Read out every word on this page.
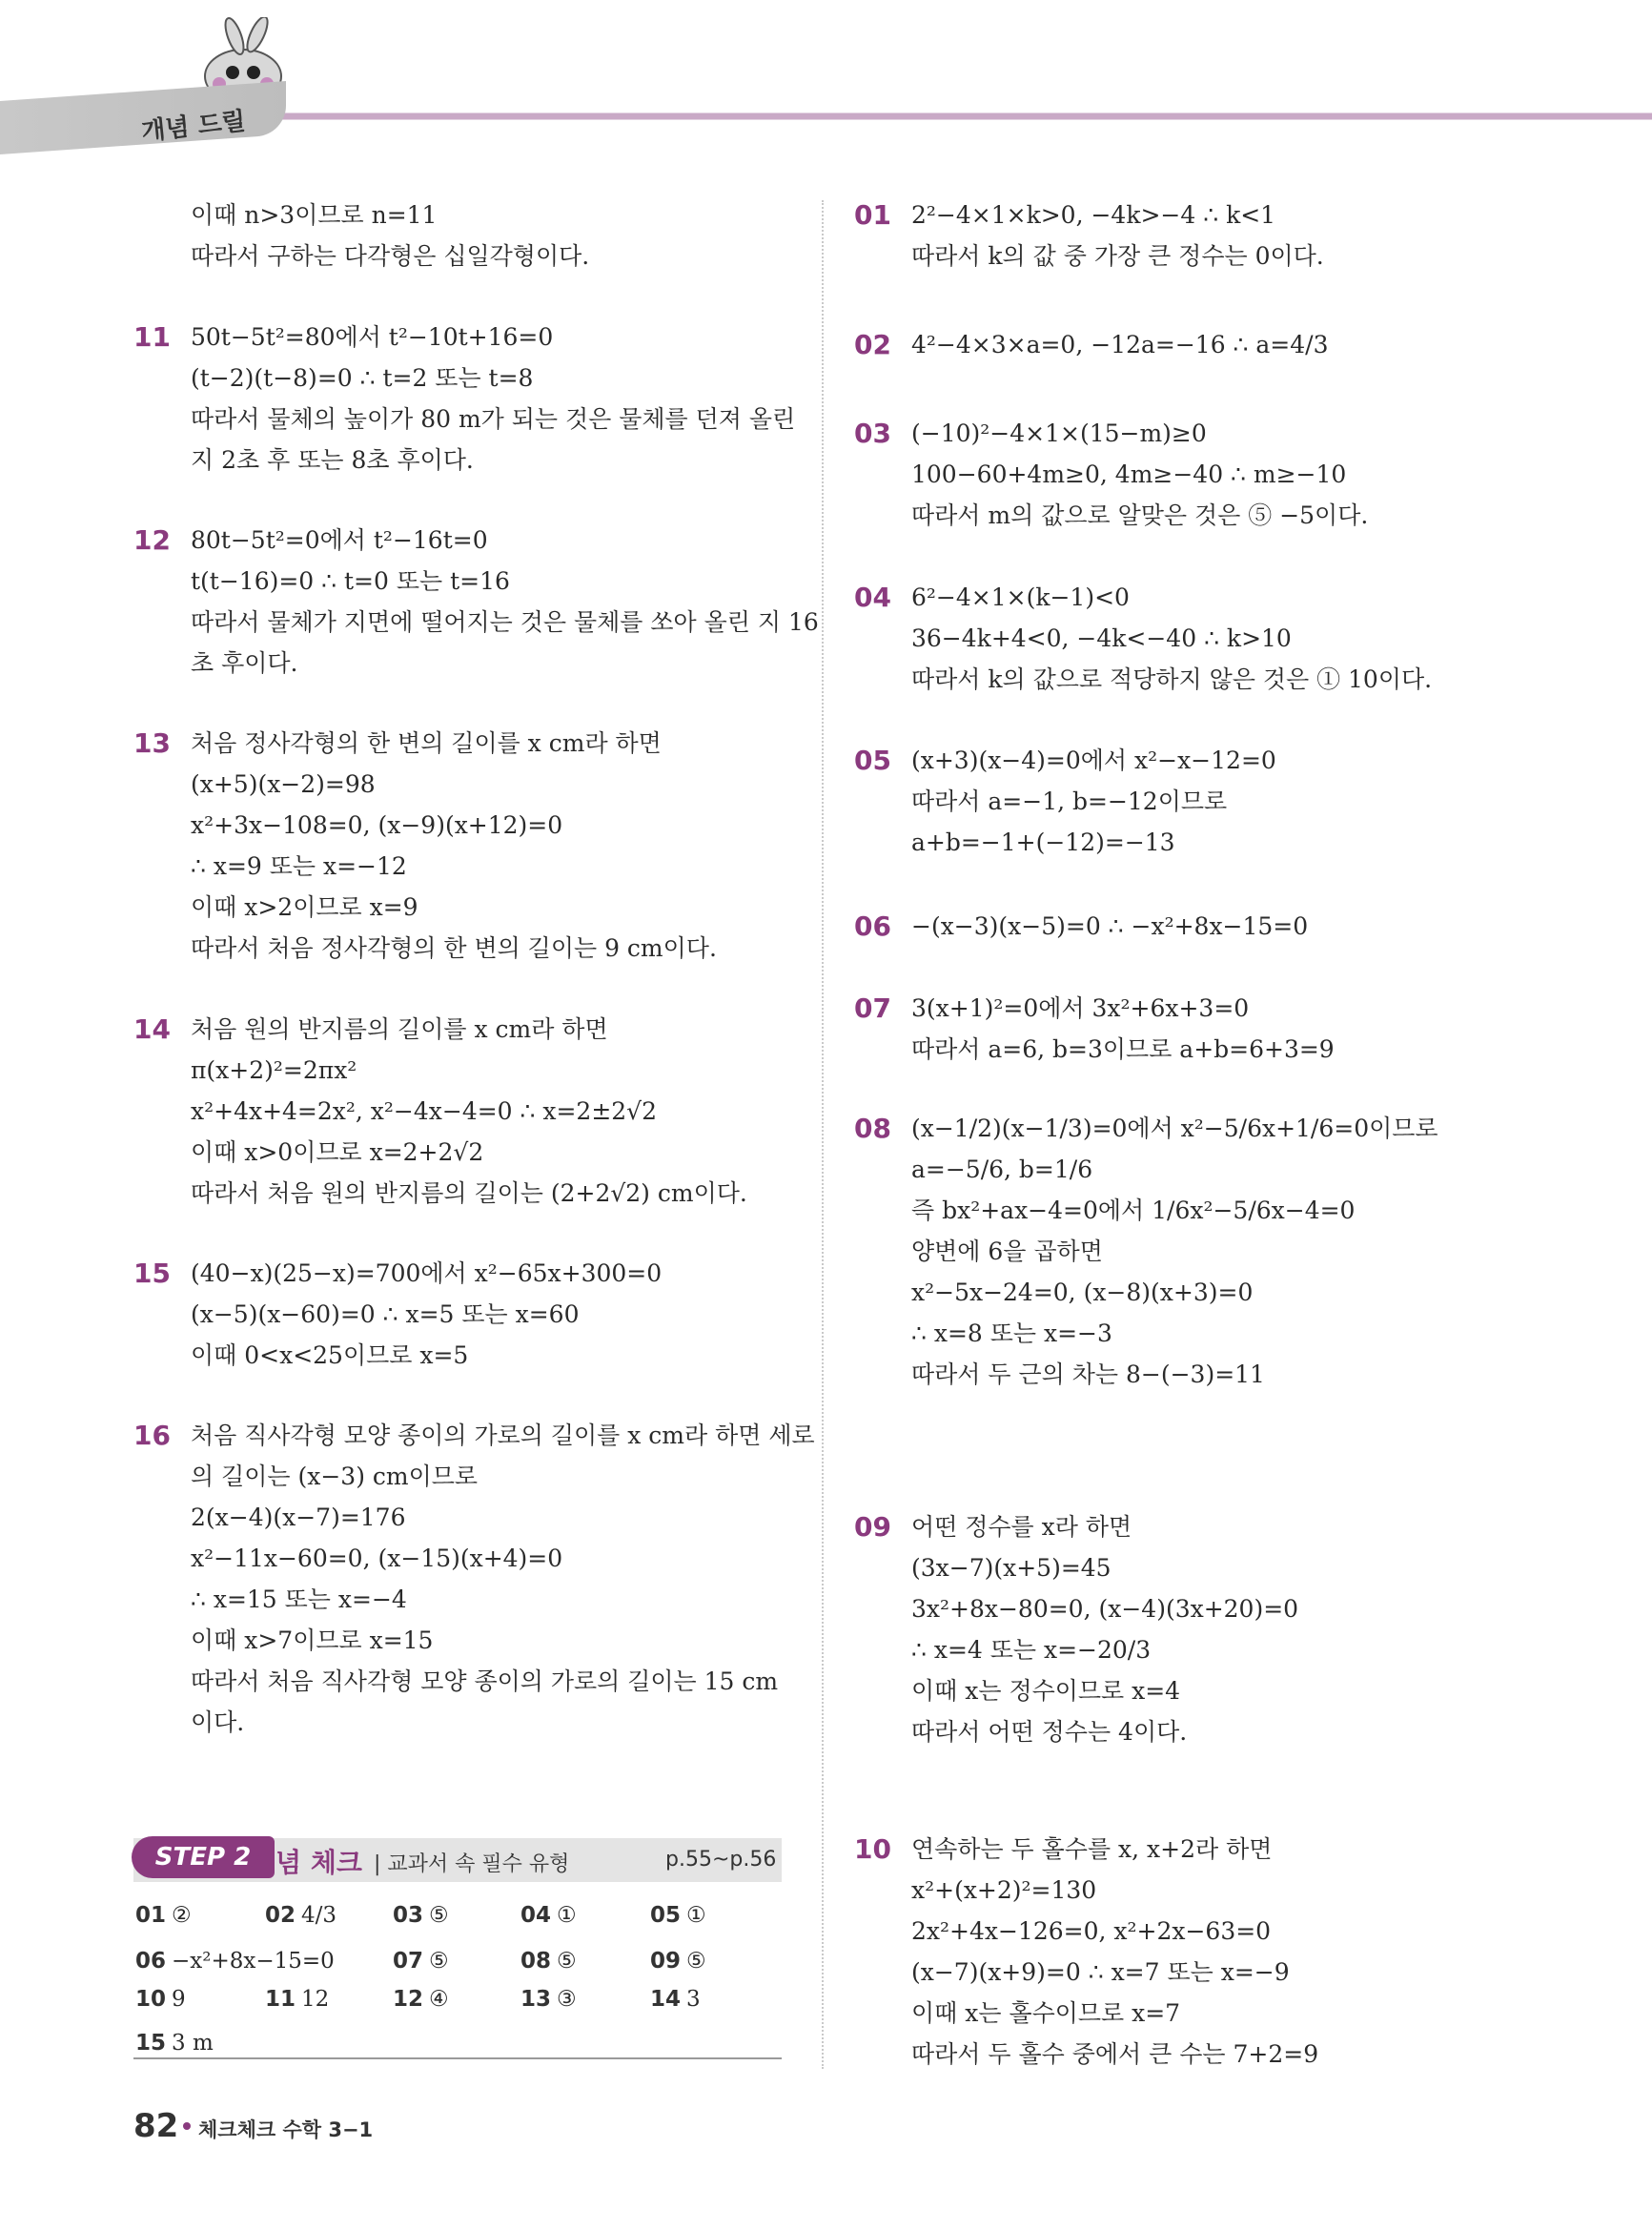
개념 드릴
이때 n>3이므로 n=11
따라서 구하는 다각형은 십일각형이다.
11 50t−5t²=80에서 t²−10t+16=0
(t−2)(t−8)=0 ∴ t=2 또는 t=8
따라서 물체의 높이가 80 m가 되는 것은 물체를 던져 올린
지 2초 후 또는 8초 후이다.
12 80t−5t²=0에서 t²−16t=0
t(t−16)=0 ∴ t=0 또는 t=16
따라서 물체가 지면에 떨어지는 것은 물체를 쏘아 올린 지 16
초 후이다.
13 처음 정사각형의 한 변의 길이를 x cm라 하면
(x+5)(x−2)=98
x²+3x−108=0, (x−9)(x+12)=0
∴ x=9 또는 x=−12
이때 x>2이므로 x=9
따라서 처음 정사각형의 한 변의 길이는 9 cm이다.
14 처음 원의 반지름의 길이를 x cm라 하면
π(x+2)²=2πx²
x²+4x+4=2x², x²−4x−4=0 ∴ x=2±2√2
이때 x>0이므로 x=2+2√2
따라서 처음 원의 반지름의 길이는 (2+2√2) cm이다.
15 (40−x)(25−x)=700에서 x²−65x+300=0
(x−5)(x−60)=0 ∴ x=5 또는 x=60
이때 0<x<25이므로 x=5
16 처음 직사각형 모양 종이의 가로의 길이를 x cm라 하면 세로
의 길이는 (x−3) cm이므로
2(x−4)(x−7)=176
x²−11x−60=0, (x−15)(x+4)=0
∴ x=15 또는 x=−4
이때 x>7이므로 x=15
따라서 처음 직사각형 모양 종이의 가로의 길이는 15 cm
이다.
01 2²−4×1×k>0, −4k>−4 ∴ k<1
따라서 k의 값 중 가장 큰 정수는 0이다.
02 4²−4×3×a=0, −12a=−16 ∴ a=4/3
03 (−10)²−4×1×(15−m)≥0
100−60+4m≥0, 4m≥−40 ∴ m≥−10
따라서 m의 값으로 알맞은 것은 ⑤ −5이다.
04 6²−4×1×(k−1)<0
36−4k+4<0, −4k<−40 ∴ k>10
따라서 k의 값으로 적당하지 않은 것은 ① 10이다.
05 (x+3)(x−4)=0에서 x²−x−12=0
따라서 a=−1, b=−12이므로
a+b=−1+(−12)=−13
06 −(x−3)(x−5)=0 ∴ −x²+8x−15=0
07 3(x+1)²=0에서 3x²+6x+3=0
따라서 a=6, b=3이므로 a+b=6+3=9
08 (x−1/2)(x−1/3)=0에서 x²−5/6x+1/6=0이므로
a=−5/6, b=1/6
즉 bx²+ax−4=0에서 1/6x²−5/6x−4=0
양변에 6을 곱하면
x²−5x−24=0, (x−8)(x+3)=0
∴ x=8 또는 x=−3
따라서 두 근의 차는 8−(−3)=11
09 어떤 정수를 x라 하면
(3x−7)(x+5)=45
3x²+8x−80=0, (x−4)(3x+20)=0
∴ x=4 또는 x=−20/3
이때 x는 정수이므로 x=4
따라서 어떤 정수는 4이다.
10 연속하는 두 홀수를 x, x+2라 하면
x²+(x+2)²=130
2x²+4x−126=0, x²+2x−63=0
(x−7)(x+9)=0 ∴ x=7 또는 x=−9
이때 x는 홀수이므로 x=7
따라서 두 홀수 중에서 큰 수는 7+2=9
STEP 2
개념 체크 | 교과서 속 필수 유형	p.55~p.56
01 ②	02 4/3	03 ⑤	04 ①	05 ①
06 −x²+8x−15=0	07 ⑤	08 ⑤	09 ⑤
10 9	11 12	12 ④	13 ③	14 3
15 3 m
82 체크체크 수학 3−1
